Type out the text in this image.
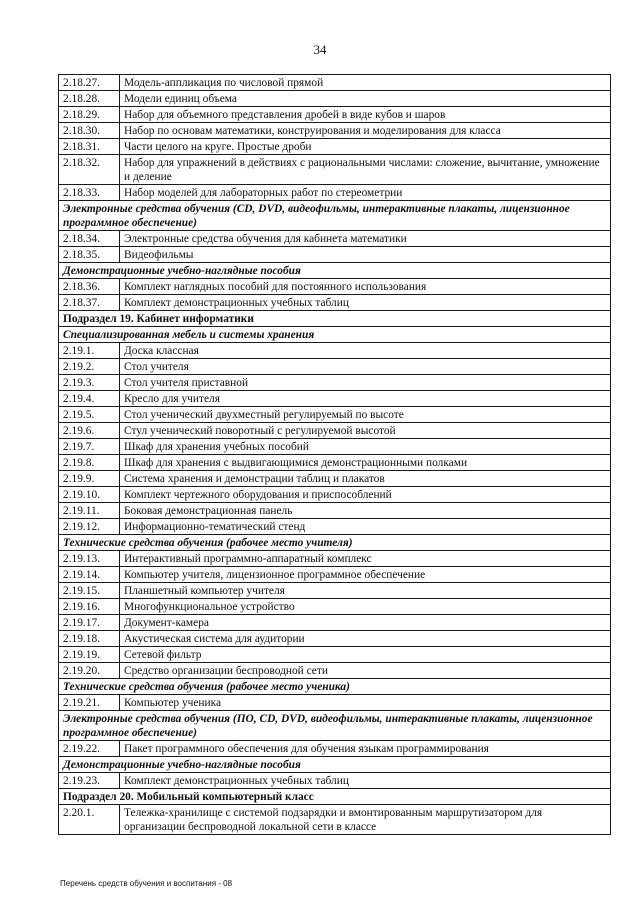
34
2.18.27.	Модель-аппликация по числовой прямой
2.18.28.	Модели единиц объема
2.18.29.	Набор для объемного представления дробей в виде кубов и шаров
2.18.30.	Набор по основам математики, конструирования и моделирования для класса
2.18.31.	Части целого на круге. Простые дроби
2.18.32.	Набор для упражнений в действиях с рациональными числами: сложение, вычитание, умножение и деление
2.18.33.	Набор моделей для лабораторных работ по стереометрии
Электронные средства обучения (CD, DVD, видеофильмы, интерактивные плакаты, лицензионное программное обеспечение)	
2.18.34.	Электронные средства обучения для кабинета математики
2.18.35.	Видеофильмы
Демонстрационные учебно-наглядные пособия	
2.18.36.	Комплект наглядных пособий для постоянного использования
2.18.37.	Комплект демонстрационных учебных таблиц
Подраздел 19. Кабинет информатики	
Специализированная мебель и системы хранения	
2.19.1.	Доска классная
2.19.2.	Стол учителя
2.19.3.	Стол учителя приставной
2.19.4.	Кресло для учителя
2.19.5.	Стол ученический двухместный регулируемый по высоте
2.19.6.	Стул ученический поворотный с регулируемой высотой
2.19.7.	Шкаф для хранения учебных пособий
2.19.8.	Шкаф для хранения с выдвигающимися демонстрационными полками
2.19.9.	Система хранения и демонстрации таблиц и плакатов
2.19.10.	Комплект чертежного оборудования и приспособлений
2.19.11.	Боковая демонстрационная панель
2.19.12.	Информационно-тематический стенд
Технические средства обучения (рабочее место учителя)	
2.19.13.	Интерактивный программно-аппаратный комплекс
2.19.14.	Компьютер учителя, лицензионное программное обеспечение
2.19.15.	Планшетный компьютер учителя
2.19.16.	Многофункциональное устройство
2.19.17.	Документ-камера
2.19.18.	Акустическая система для аудитории
2.19.19.	Сетевой фильтр
2.19.20.	Средство организации беспроводной сети
Технические средства обучения (рабочее место ученика)	
2.19.21.	Компьютер ученика
Электронные средства обучения (ПО, CD, DVD, видеофильмы, интерактивные плакаты, лицензионное программное обеспечение)	
2.19.22.	Пакет программного обеспечения для обучения языкам программирования
Демонстрационные учебно-наглядные пособия	
2.19.23.	Комплект демонстрационных учебных таблиц
Подраздел 20. Мобильный компьютерный класс	
2.20.1.	Тележка-хранилище с системой подзарядки и вмонтированным маршрутизатором для организации беспроводной локальной сети в классе
Перечень средств обучения и воспитания - 08
